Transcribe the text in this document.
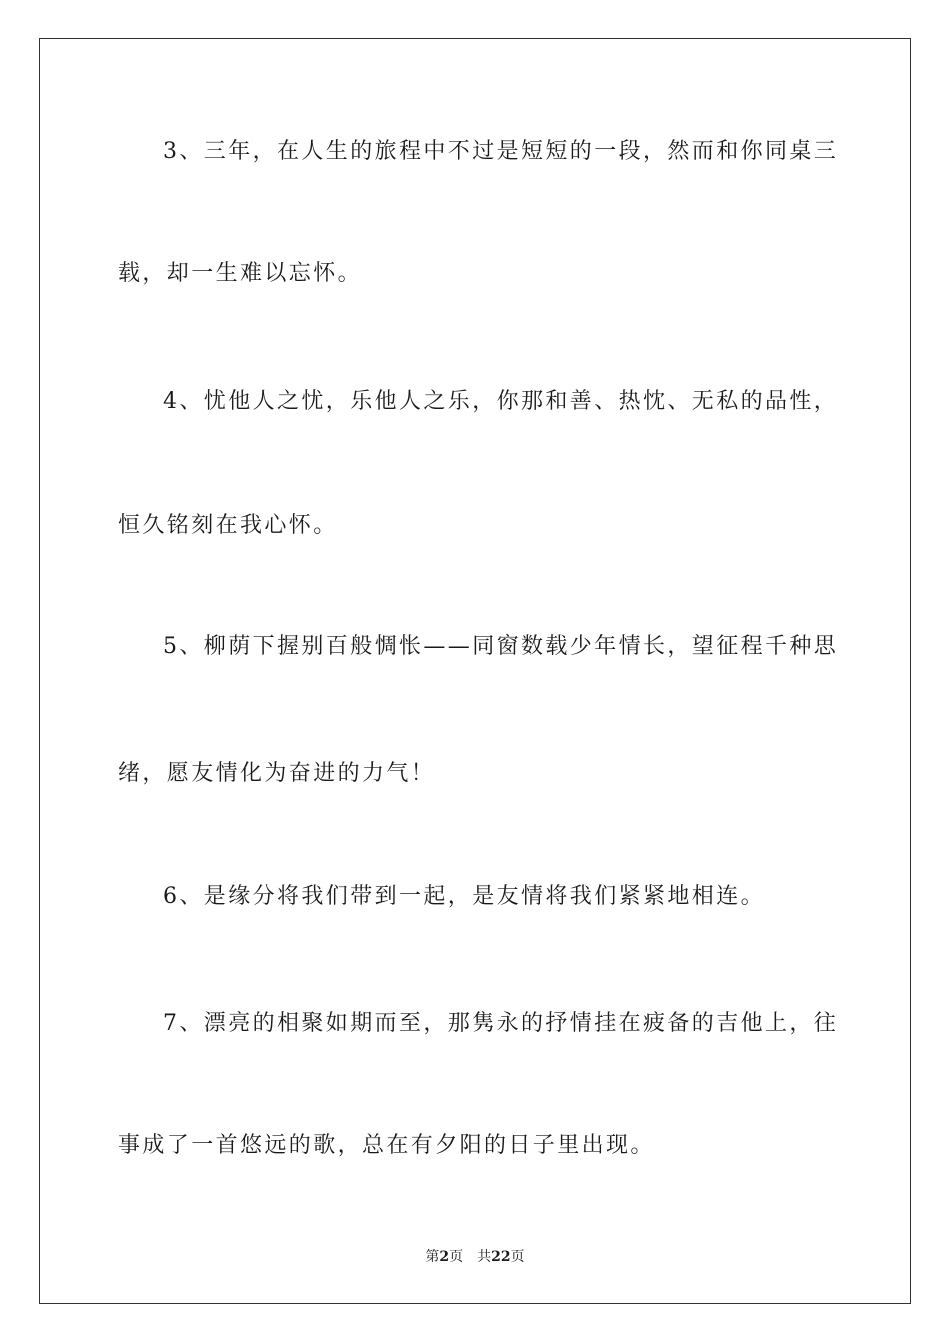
3、三年，在人生的旅程中不过是短短的一段，然而和你同桌三
载，却一生难以忘怀。
4、忧他人之忧，乐他人之乐，你那和善、热忱、无私的品性，
恒久铭刻在我心怀。
5、柳荫下握别百般惆怅——同窗数载少年情长，望征程千种思
绪，愿友情化为奋进的力气！
6、是缘分将我们带到一起，是友情将我们紧紧地相连。
7、漂亮的相聚如期而至，那隽永的抒情挂在疲备的吉他上，往
事成了一首悠远的歌，总在有夕阳的日子里出现。
第2页 共22页
